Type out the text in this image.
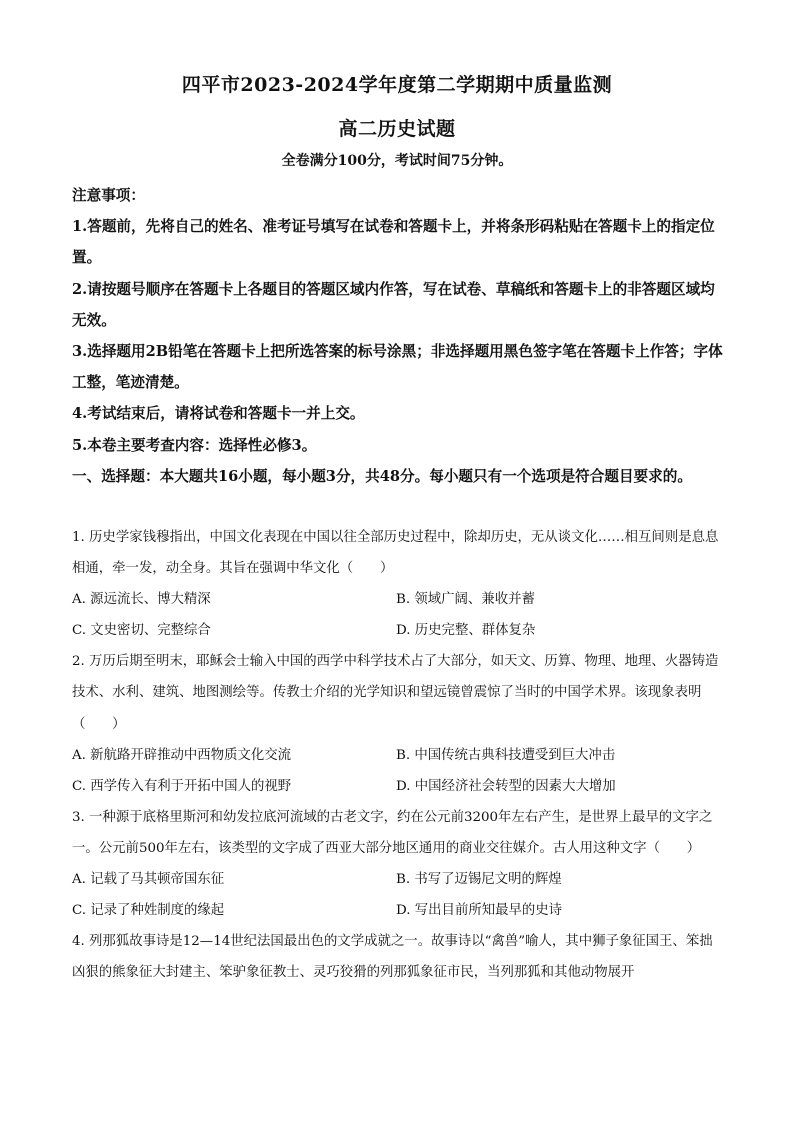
四平市2023-2024学年度第二学期期中质量监测
高二历史试题
全卷满分100分，考试时间75分钟。

注意事项：

1.答题前，先将自己的姓名、准考证号填写在试卷和答题卡上，并将条形码粘贴在答题卡上的指定位置。

2.请按题号顺序在答题卡上各题目的答题区域内作答，写在试卷、草稿纸和答题卡上的非答题区域均无效。

3.选择题用2B铅笔在答题卡上把所选答案的标号涂黑；非选择题用黑色签字笔在答题卡上作答；字体工整，笔迹清楚。

4.考试结束后，请将试卷和答题卡一并上交。

5.本卷主要考查内容：选择性必修3。

一、选择题：本大题共16小题，每小题3分，共48分。每小题只有一个选项是符合题目要求的。

1. 历史学家钱穆指出，中国文化表现在中国以往全部历史过程中，除却历史，无从谈文化……相互间则是息息相通，牵一发，动全身。其旨在强调中华文化（　　）

A. 源远流长、博大精深	B. 领域广阔、兼收并蓄
C. 文史密切、完整综合	D. 历史完整、群体复杂

2. 万历后期至明末，耶稣会士输入中国的西学中科学技术占了大部分，如天文、历算、物理、地理、火器铸造技术、水利、建筑、地图测绘等。传教士介绍的光学知识和望远镜曾震惊了当时的中国学术界。该现象表明（　　）

A. 新航路开辟推动中西物质文化交流	B. 中国传统古典科技遭受到巨大冲击
C. 西学传入有利于开拓中国人的视野	D. 中国经济社会转型的因素大大增加

3. 一种源于底格里斯河和幼发拉底河流域的古老文字，约在公元前3200年左右产生，是世界上最早的文字之一。公元前500年左右，该类型的文字成了西亚大部分地区通用的商业交往媒介。古人用这种文字（　　）

A. 记载了马其顿帝国东征	B. 书写了迈锡尼文明的辉煌
C. 记录了种姓制度的缘起	D. 写出目前所知最早的史诗

4. 列那狐故事诗是12—14世纪法国最出色的文学成就之一。故事诗以“禽兽”喻人，其中狮子象征国王、笨拙凶狠的熊象征大封建主、笨驴象征教士、灵巧狡猾的列那狐象征市民，当列那狐和其他动物展开
